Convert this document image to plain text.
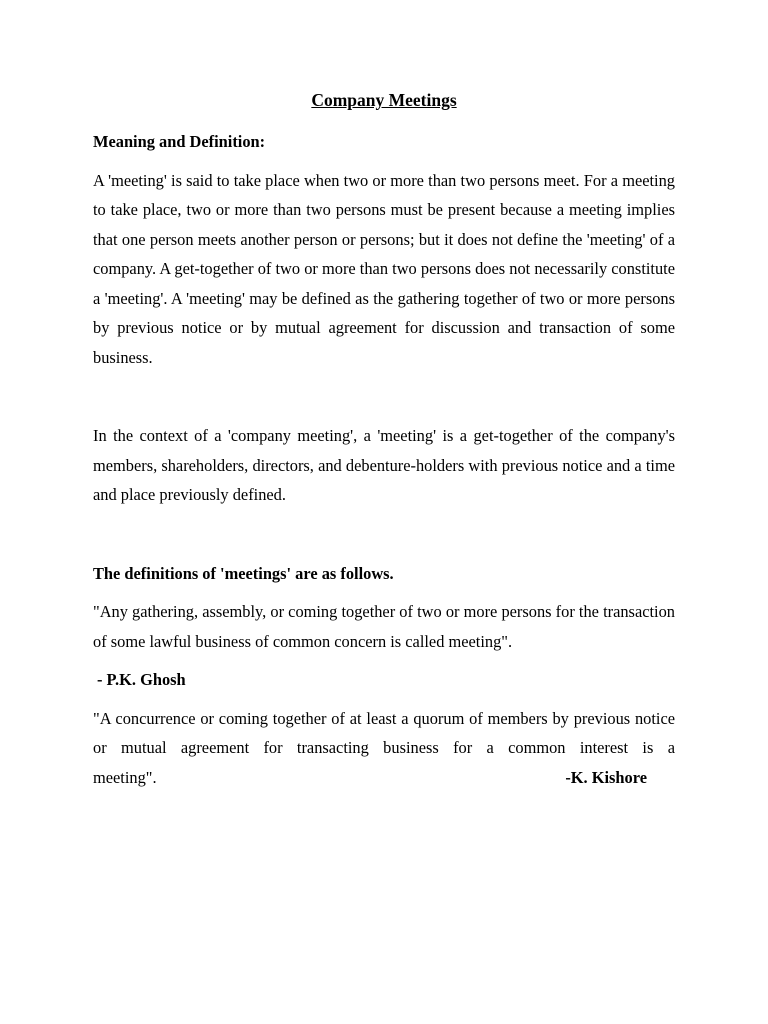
Company Meetings

Meaning and Definition:

A 'meeting' is said to take place when two or more than two persons meet. For a meeting to take place, two or more than two persons must be present because a meeting implies that one person meets another person or persons; but it does not define the 'meeting' of a company. A get-together of two or more than two persons does not necessarily constitute a 'meeting'. A 'meeting' may be defined as the gathering together of two or more persons by previous notice or by mutual agreement for discussion and transaction of some business.

In the context of a 'company meeting', a 'meeting' is a get-together of the company's members, shareholders, directors, and debenture-holders with previous notice and a time and place previously defined.

The definitions of 'meetings' are as follows.

"Any gathering, assembly, or coming together of two or more persons for the transaction of some lawful business of common concern is called meeting".

- P.K. Ghosh

"A concurrence or coming together of at least a quorum of members by previous notice or mutual agreement for transacting business for a common interest is a

meeting".	-K. Kishore
